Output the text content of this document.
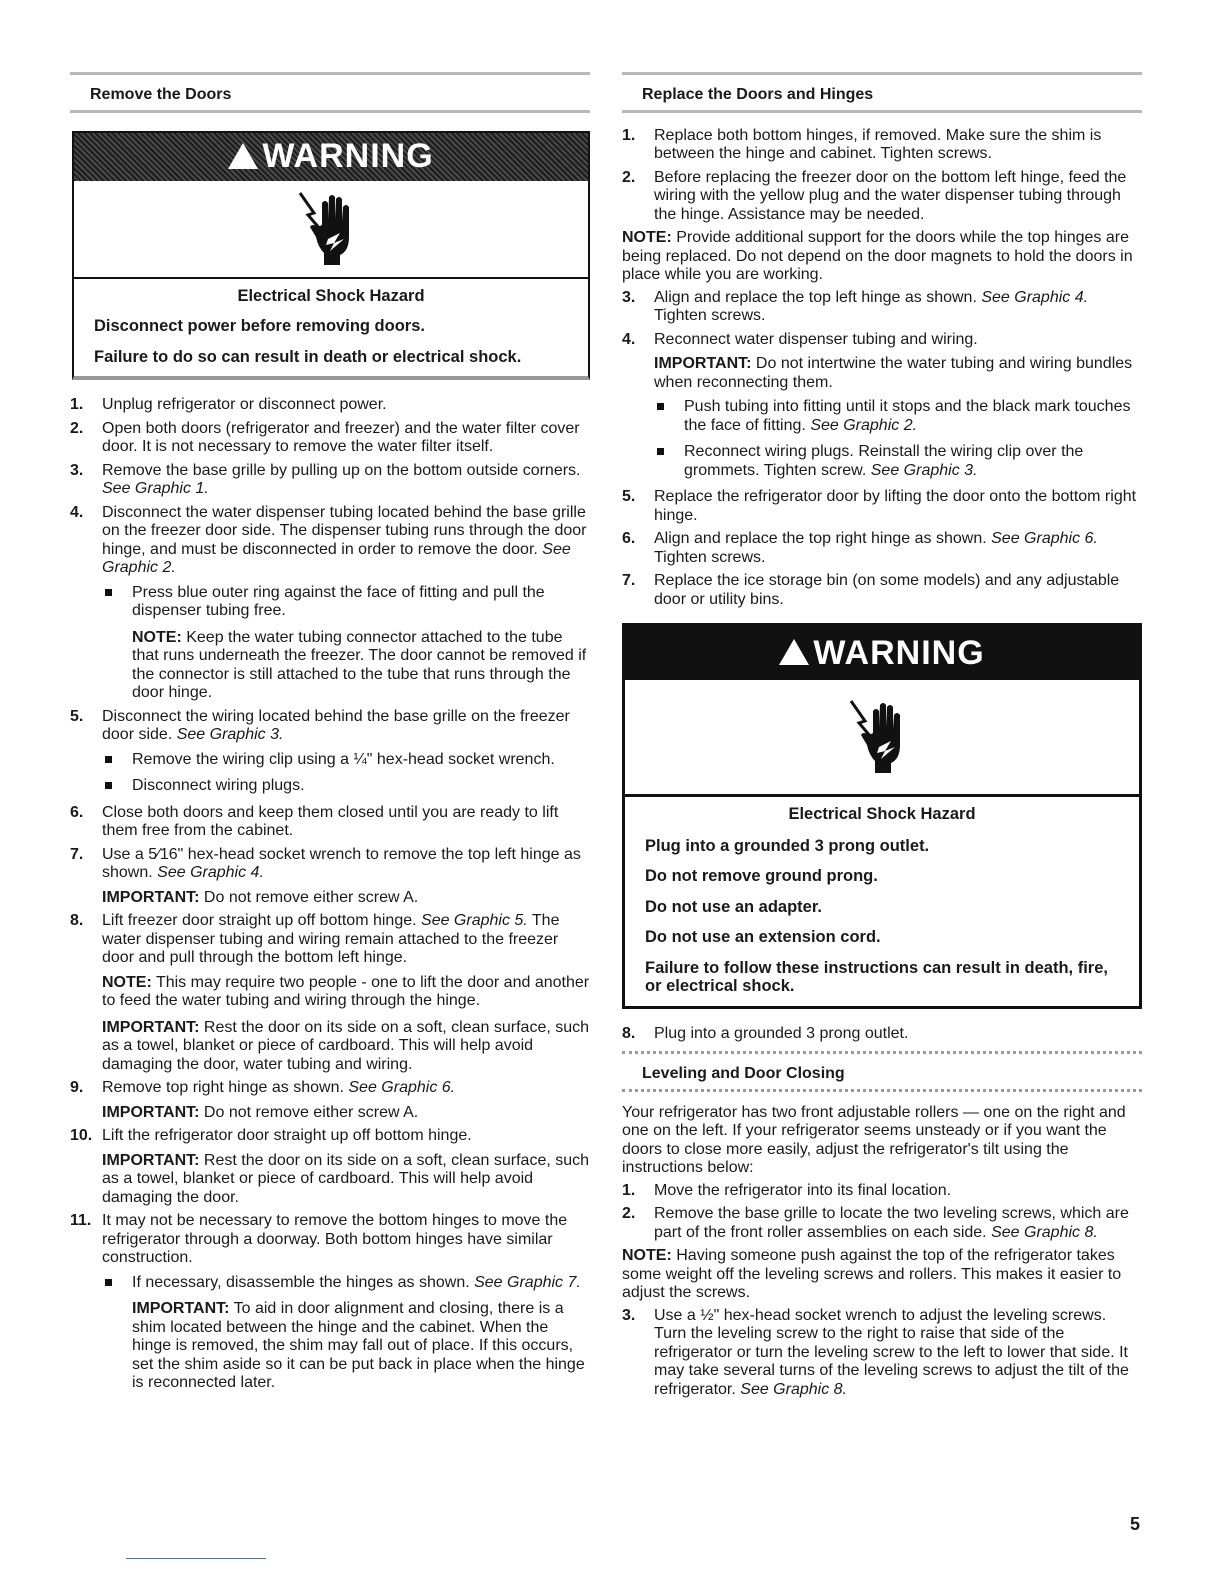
Remove the Doors
WARNING
Electrical Shock Hazard

Disconnect power before removing doors.

Failure to do so can result in death or electrical shock.

1. Unplug refrigerator or disconnect power.
2. Open both doors (refrigerator and freezer) and the water filter cover door. It is not necessary to remove the water filter itself.
3. Remove the base grille by pulling up on the bottom outside corners. See Graphic 1.
4. Disconnect the water dispenser tubing located behind the base grille on the freezer door side. The dispenser tubing runs through the door hinge, and must be disconnected in order to remove the door. See Graphic 2.
Press blue outer ring against the face of fitting and pull the dispenser tubing free.
NOTE: Keep the water tubing connector attached to the tube that runs underneath the freezer. The door cannot be removed if the connector is still attached to the tube that runs through the door hinge.
5. Disconnect the wiring located behind the base grille on the freezer door side. See Graphic 3.
Remove the wiring clip using a ¼" hex-head socket wrench.
Disconnect wiring plugs.
6. Close both doors and keep them closed until you are ready to lift them free from the cabinet.
7. Use a 5⁄16" hex-head socket wrench to remove the top left hinge as shown. See Graphic 4.
IMPORTANT: Do not remove either screw A.
8. Lift freezer door straight up off bottom hinge. See Graphic 5. The water dispenser tubing and wiring remain attached to the freezer door and pull through the bottom left hinge.
NOTE: This may require two people - one to lift the door and another to feed the water tubing and wiring through the hinge.
IMPORTANT: Rest the door on its side on a soft, clean surface, such as a towel, blanket or piece of cardboard. This will help avoid damaging the door, water tubing and wiring.
9. Remove top right hinge as shown. See Graphic 6.
IMPORTANT: Do not remove either screw A.
10. Lift the refrigerator door straight up off bottom hinge.
IMPORTANT: Rest the door on its side on a soft, clean surface, such as a towel, blanket or piece of cardboard. This will help avoid damaging the door.
11. It may not be necessary to remove the bottom hinges to move the refrigerator through a doorway. Both bottom hinges have similar construction.
If necessary, disassemble the hinges as shown. See Graphic 7.
IMPORTANT: To aid in door alignment and closing, there is a shim located between the hinge and the cabinet. When the hinge is removed, the shim may fall out of place. If this occurs, set the shim aside so it can be put back in place when the hinge is reconnected later.
Replace the Doors and Hinges
1. Replace both bottom hinges, if removed. Make sure the shim is between the hinge and cabinet. Tighten screws.
2. Before replacing the freezer door on the bottom left hinge, feed the wiring with the yellow plug and the water dispenser tubing through the hinge. Assistance may be needed.

NOTE: Provide additional support for the doors while the top hinges are being replaced. Do not depend on the door magnets to hold the doors in place while you are working.

3. Align and replace the top left hinge as shown. See Graphic 4. Tighten screws.
4. Reconnect water dispenser tubing and wiring.
IMPORTANT: Do not intertwine the water tubing and wiring bundles when reconnecting them.
Push tubing into fitting until it stops and the black mark touches the face of fitting. See Graphic 2.
Reconnect wiring plugs. Reinstall the wiring clip over the grommets. Tighten screw. See Graphic 3.
5. Replace the refrigerator door by lifting the door onto the bottom right hinge.
6. Align and replace the top right hinge as shown. See Graphic 6. Tighten screws.
7. Replace the ice storage bin (on some models) and any adjustable door or utility bins.
WARNING
Electrical Shock Hazard

Plug into a grounded 3 prong outlet.

Do not remove ground prong.

Do not use an adapter.

Do not use an extension cord.

Failure to follow these instructions can result in death, fire, or electrical shock.

8. Plug into a grounded 3 prong outlet.
Leveling and Door Closing

Your refrigerator has two front adjustable rollers — one on the right and one on the left. If your refrigerator seems unsteady or if you want the doors to close more easily, adjust the refrigerator's tilt using the instructions below:

1. Move the refrigerator into its final location.
2. Remove the base grille to locate the two leveling screws, which are part of the front roller assemblies on each side. See Graphic 8.

NOTE: Having someone push against the top of the refrigerator takes some weight off the leveling screws and rollers. This makes it easier to adjust the screws.

3. Use a ½" hex-head socket wrench to adjust the leveling screws. Turn the leveling screw to the right to raise that side of the refrigerator or turn the leveling screw to the left to lower that side. It may take several turns of the leveling screws to adjust the tilt of the refrigerator. See Graphic 8.
5
